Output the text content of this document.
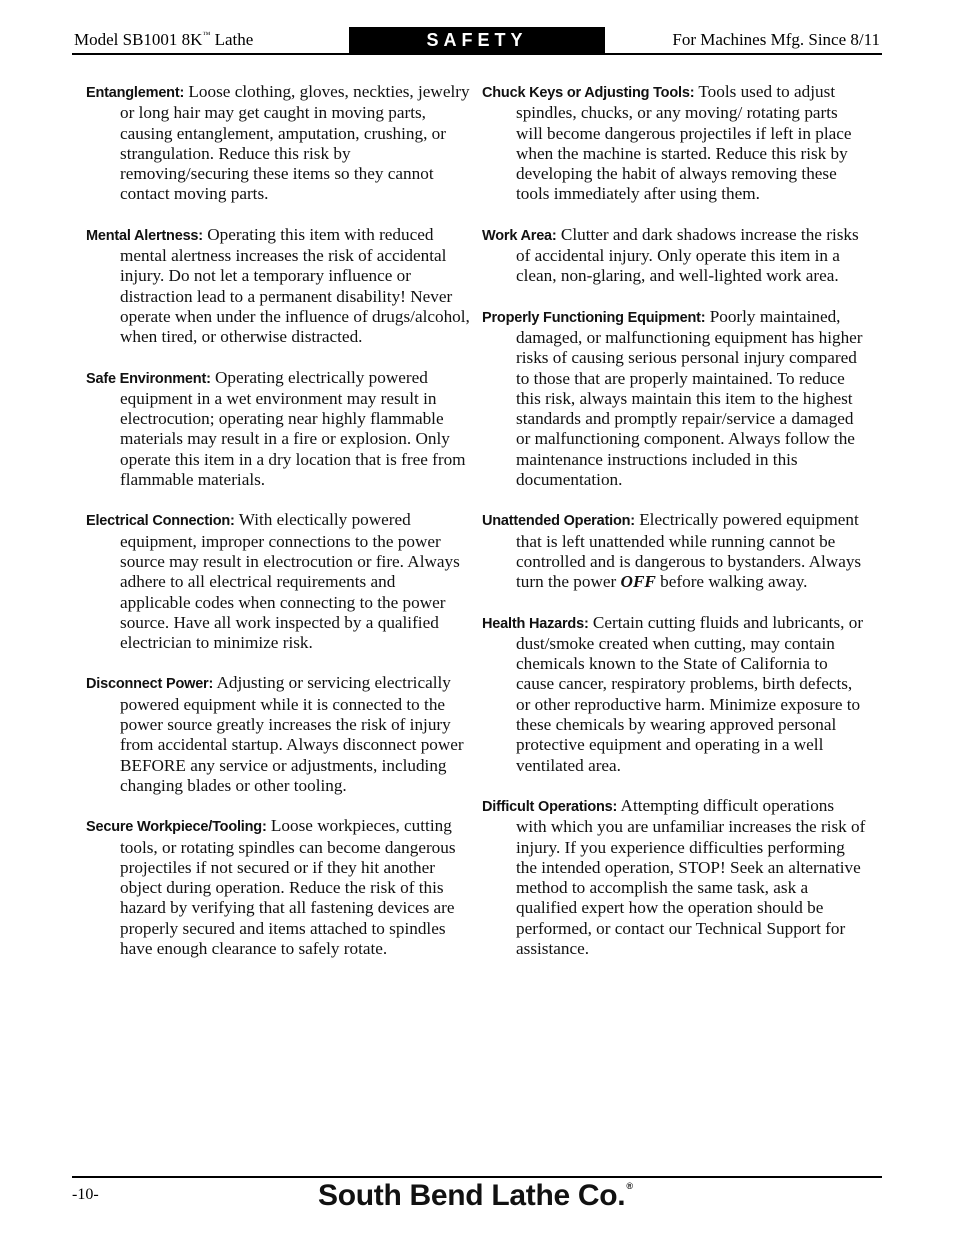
Model SB1001 8K™ Lathe	SAFETY	For Machines Mfg. Since 8/11

Entanglement: Loose clothing, gloves, neckties, jewelry or long hair may get caught in moving parts, causing entanglement, amputation, crushing, or strangulation. Reduce this risk by removing/securing these items so they cannot contact moving parts.

Mental Alertness: Operating this item with reduced mental alertness increases the risk of accidental injury. Do not let a temporary influence or distraction lead to a permanent disability! Never operate when under the influence of drugs/alcohol, when tired, or otherwise distracted.

Safe Environment: Operating electrically powered equipment in a wet environment may result in electrocution; operating near highly flammable materials may result in a fire or explosion. Only operate this item in a dry location that is free from flammable materials.

Electrical Connection: With electically powered equipment, improper connections to the power source may result in electrocution or fire. Always adhere to all electrical requirements and applicable codes when connecting to the power source. Have all work inspected by a qualified electrician to minimize risk.

Disconnect Power: Adjusting or servicing electrically powered equipment while it is connected to the power source greatly increases the risk of injury from accidental startup. Always disconnect power BEFORE any service or adjustments, including changing blades or other tooling.

Secure Workpiece/Tooling: Loose workpieces, cutting tools, or rotating spindles can become dangerous projectiles if not secured or if they hit another object during operation. Reduce the risk of this hazard by verifying that all fastening devices are properly secured and items attached to spindles have enough clearance to safely rotate.

Chuck Keys or Adjusting Tools: Tools used to adjust spindles, chucks, or any moving/ rotating parts will become dangerous projectiles if left in place when the machine is started. Reduce this risk by developing the habit of always removing these tools immediately after using them.

Work Area: Clutter and dark shadows increase the risks of accidental injury. Only operate this item in a clean, non-glaring, and well-lighted work area.

Properly Functioning Equipment: Poorly maintained, damaged, or malfunctioning equipment has higher risks of causing serious personal injury compared to those that are properly maintained. To reduce this risk, always maintain this item to the highest standards and promptly repair/service a damaged or malfunctioning component. Always follow the maintenance instructions included in this documentation.

Unattended Operation: Electrically powered equipment that is left unattended while running cannot be controlled and is dangerous to bystanders. Always turn the power OFF before walking away.

Health Hazards: Certain cutting fluids and lubricants, or dust/smoke created when cutting, may contain chemicals known to the State of California to cause cancer, respiratory problems, birth defects, or other reproductive harm. Minimize exposure to these chemicals by wearing approved personal protective equipment and operating in a well ventilated area.

Difficult Operations: Attempting difficult operations with which you are unfamiliar increases the risk of injury. If you experience difficulties performing the intended operation, STOP! Seek an alternative method to accomplish the same task, ask a qualified expert how the operation should be performed, or contact our Technical Support for assistance.

-10-	South Bend Lathe Co.®
